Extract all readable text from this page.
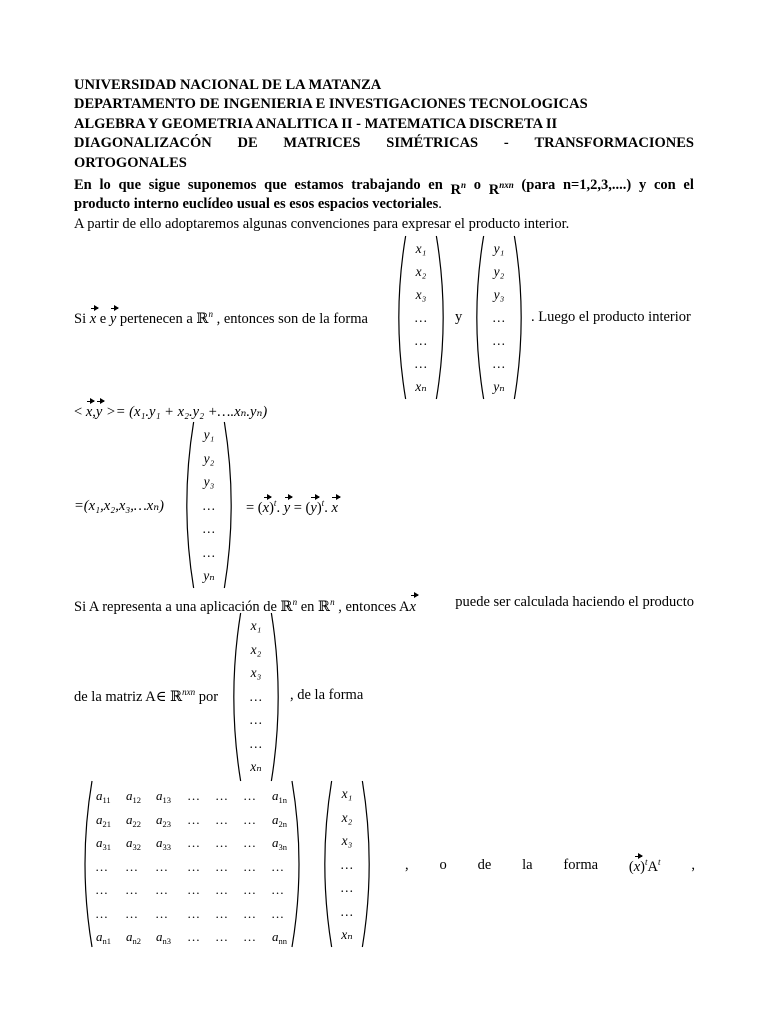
UNIVERSIDAD NACIONAL DE LA MATANZA
DEPARTAMENTO DE INGENIERIA E INVESTIGACIONES TECNOLOGICAS
ALGEBRA Y GEOMETRIA ANALITICA II - MATEMATICA DISCRETA II
DIAGONALIZACÓN DE MATRICES SIMÉTRICAS - TRANSFORMACIONES
ORTOGONALES
En lo que sigue suponemos que estamos trabajando en $R^n$ o $R^{nxn}$ (para n=1,2,3,....) y con el
producto interno euclídeo usual es esos espacios vectoriales.
A partir de ello adoptaremos algunas convenciones para expresar el producto interior.
Si x e y pertenecen a ℝ$^n$ , entonces son de la forma
x₁
x₂
x₃
…
…
…
xₙ
y
y₁
y₂
y₃
…
…
…
yₙ
. Luego el producto interior
< x,y >= (x₁.y₁ + x₂.y₂ +….xₙ.yₙ)
=(x₁,x₂,x₃,…xₙ)
y₁
y₂
y₃
…
…
…
yₙ
= $(x)^t$. $y = (y)^t$. x
Si A representa a una aplicación de ℝ$^n$ en ℝ$^n$ , entonces Ax	puede ser calculada haciendo el producto
de la matriz A∈ ℝ$^{nxn}$ por
x₁
x₂
x₃
…
…
…
xₙ
, de la forma
$a_{11}$ $a_{12}$ $a_{13}$ … … … $a_{1n}$
$a_{21}$ $a_{22}$ $a_{23}$ … … … $a_{2n}$
$a_{31}$ $a_{32}$ $a_{33}$ … … … $a_{3n}$
… … … … … … …
… … … … … … …
… … … … … … …
$a_{n1}$ $a_{n2}$ $a_{n3}$ … … … $a_{nn}$
x₁
x₂
x₃
…
…
…
xₙ
, o de la forma $(x)^tA^t$ ,
